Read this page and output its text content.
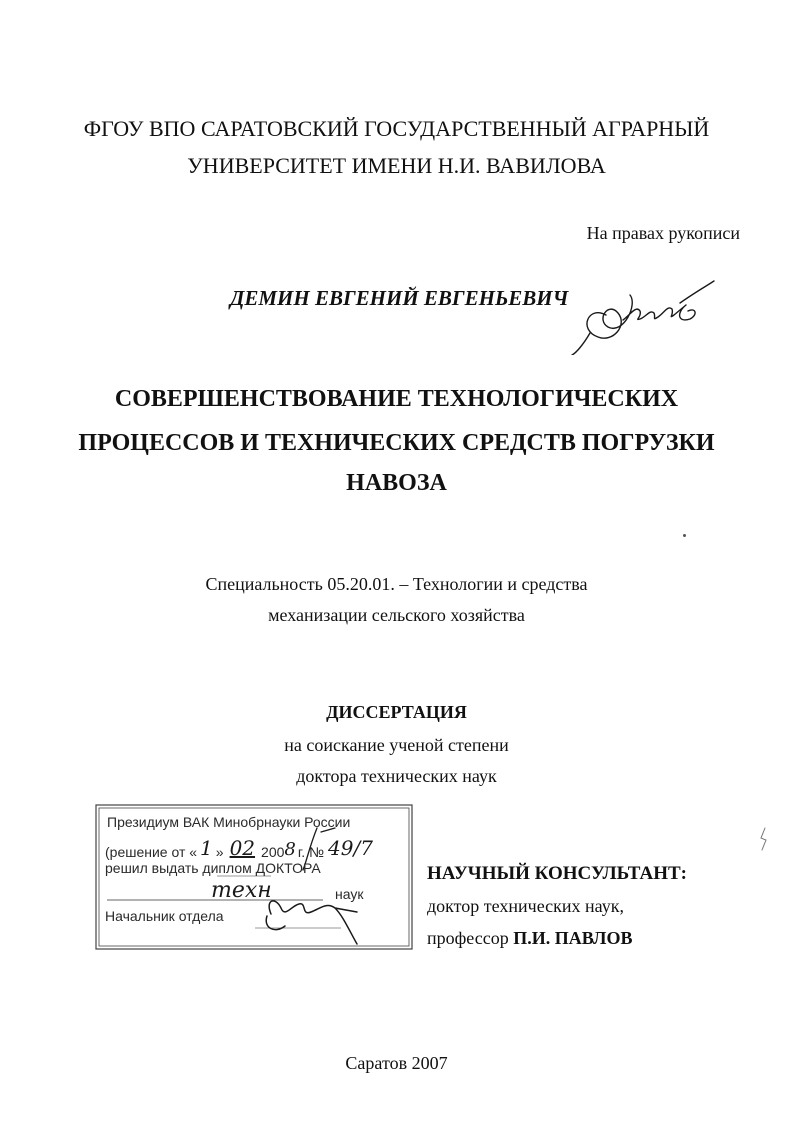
ФГОУ ВПО САРАТОВСКИЙ ГОСУДАРСТВЕННЫЙ АГРАРНЫЙ
УНИВЕРСИТЕТ ИМЕНИ Н.И. ВАВИЛОВА
На правах рукописи
ДЕМИН ЕВГЕНИЙ ЕВГЕНЬЕВИЧ
СОВЕРШЕНСТВОВАНИЕ ТЕХНОЛОГИЧЕСКИХ
ПРОЦЕССОВ И ТЕХНИЧЕСКИХ СРЕДСТВ ПОГРУЗКИ
НАВОЗА
Специальность 05.20.01. – Технологии и средства
механизации сельского хозяйства
ДИССЕРТАЦИЯ
на соискание ученой степени
доктора технических наук
Президиум ВАК Минобрнауки России
(решение от « 1 » 02 2008 г. № 49/7
решил выдать диплом ДОКТОРА
техн	наук
Начальник отдела
НАУЧНЫЙ КОНСУЛЬТАНТ:
доктор технических наук,
профессор П.И. ПАВЛОВ
Саратов 2007
